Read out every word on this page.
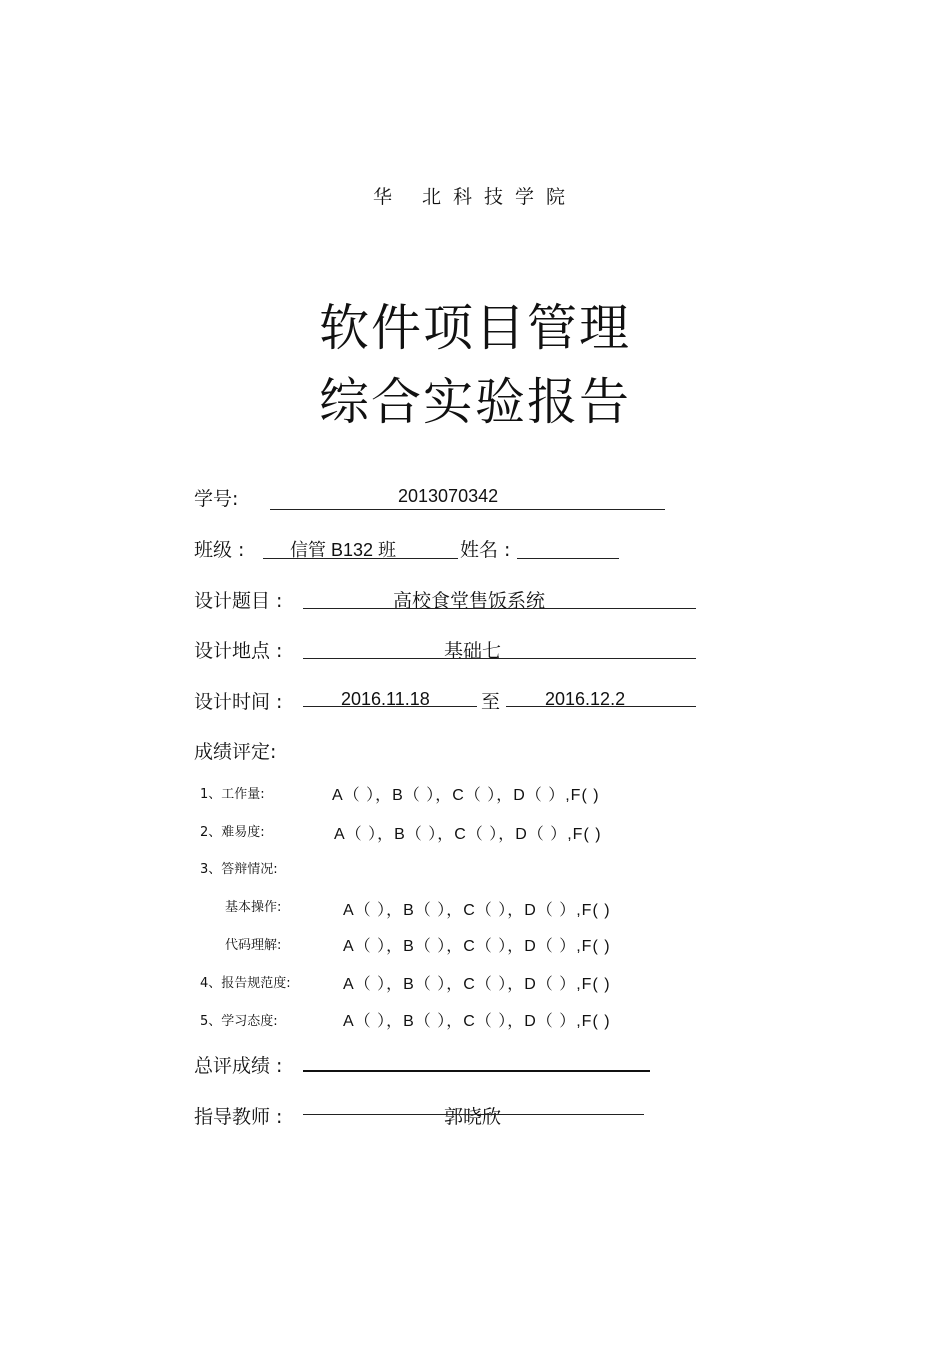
华 北科技学院
软件项目管理
综合实验报告
学号:	2013070342
班级 :	信管 B132 班	姓名 :
设计题目 :	高校食堂售饭系统
设计地点 :	基础七
设计时间 :	2016.11.18	至 2016.12.2
成绩评定:
1、工作量:	A（ ），B（ ），C（ ），D（ ）,F( )
2、难易度:	A（ ），B（ ），C（ ），D（ ）,F( )
3、答辩情况:
基本操作:	A（ ），B（ ），C（ ），D（ ）,F( )
代码理解:	A（ ），B（ ），C（ ），D（ ）,F( )
4、报告规范度:	A（ ），B（ ），C（ ），D（ ）,F( )
5、学习态度:	A（ ），B（ ），C（ ），D（ ）,F( )
总评成绩 :
指导教师 :	郭晓欣
